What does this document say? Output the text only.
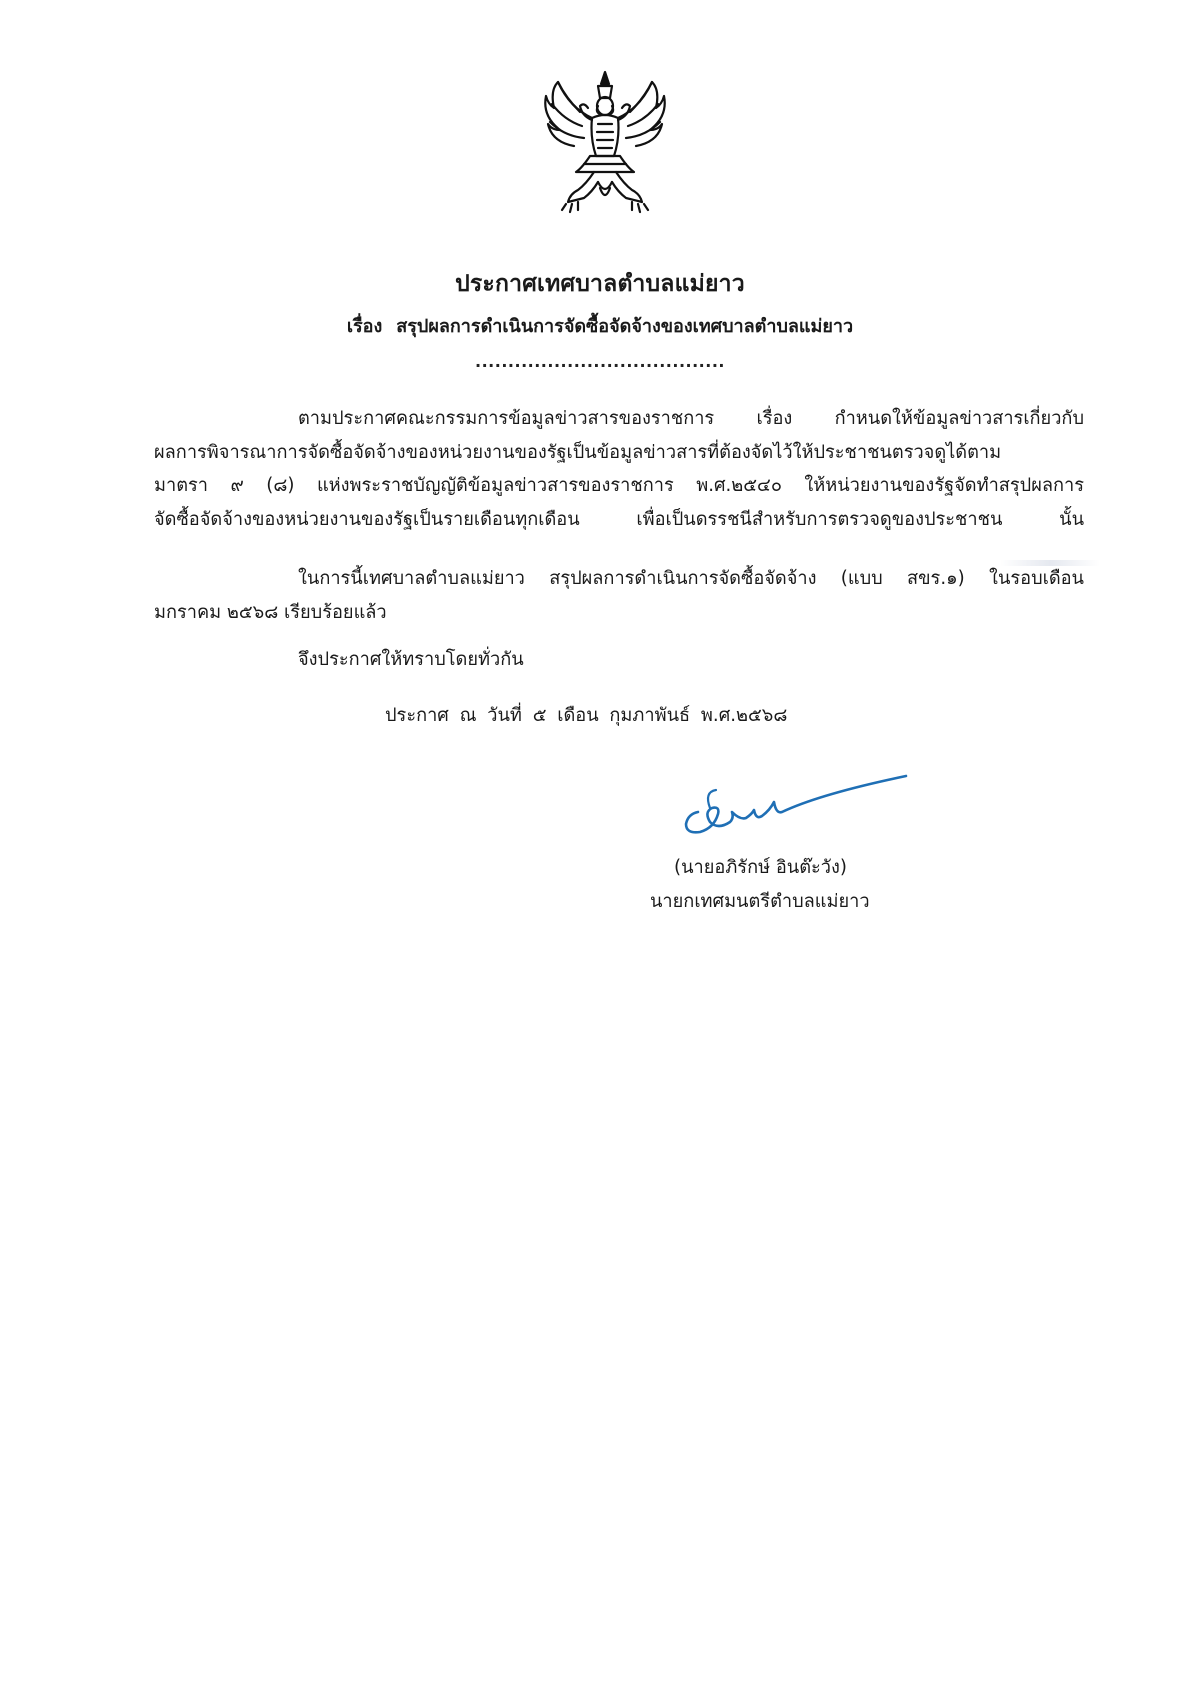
ประกาศเทศบาลตำบลแม่ยาว
เรื่อง สรุปผลการดำเนินการจัดซื้อจัดจ้างของเทศบาลตำบลแม่ยาว
......................................
ตามประกาศคณะกรรมการข้อมูลข่าวสารของราชการ เรื่อง กำหนดให้ข้อมูลข่าวสารเกี่ยวกับ
ผลการพิจารณาการจัดซื้อจัดจ้างของหน่วยงานของรัฐเป็นข้อมูลข่าวสารที่ต้องจัดไว้ให้ประชาชนตรวจดูได้ตาม
มาตรา ๙ (๘) แห่งพระราชบัญญัติข้อมูลข่าวสารของราชการ พ.ศ.๒๕๔๐ ให้หน่วยงานของรัฐจัดทำสรุปผลการ
จัดซื้อจัดจ้างของหน่วยงานของรัฐเป็นรายเดือนทุกเดือน เพื่อเป็นดรรชนีสำหรับการตรวจดูของประชาชน นั้น
ในการนี้เทศบาลตำบลแม่ยาว สรุปผลการดำเนินการจัดซื้อจัดจ้าง (แบบ สขร.๑) ในรอบเดือน
มกราคม ๒๕๖๘ เรียบร้อยแล้ว
จึงประกาศให้ทราบโดยทั่วกัน
ประกาศ ณ วันที่ ๕ เดือน กุมภาพันธ์ พ.ศ.๒๕๖๘
(นายอภิรักษ์ อินต๊ะวัง)
นายกเทศมนตรีตำบลแม่ยาว
